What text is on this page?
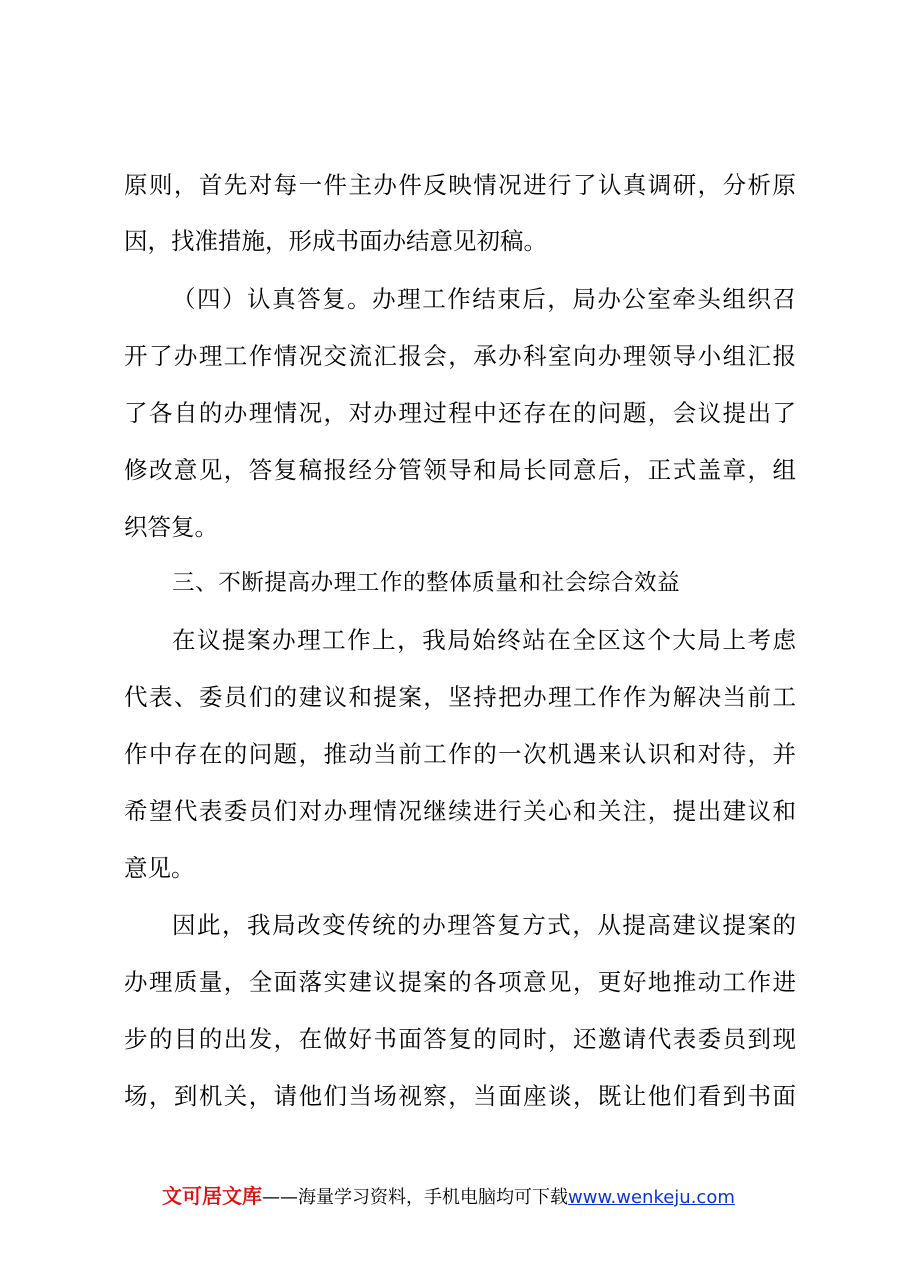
原则，首先对每一件主办件反映情况进行了认真调研，分析原
因，找准措施，形成书面办结意见初稿。
（四）认真答复。办理工作结束后，局办公室牵头组织召
开了办理工作情况交流汇报会，承办科室向办理领导小组汇报
了各自的办理情况，对办理过程中还存在的问题，会议提出了
修改意见，答复稿报经分管领导和局长同意后，正式盖章，组
织答复。
三、不断提高办理工作的整体质量和社会综合效益
在议提案办理工作上，我局始终站在全区这个大局上考虑
代表、委员们的建议和提案，坚持把办理工作作为解决当前工
作中存在的问题，推动当前工作的一次机遇来认识和对待，并
希望代表委员们对办理情况继续进行关心和关注，提出建议和
意见。
因此，我局改变传统的办理答复方式，从提高建议提案的
办理质量，全面落实建议提案的各项意见，更好地推动工作进
步的目的出发，在做好书面答复的同时，还邀请代表委员到现
场，到机关，请他们当场视察，当面座谈，既让他们看到书面
文可居文库——海量学习资料，手机电脑均可下载www.wenkeju.com
